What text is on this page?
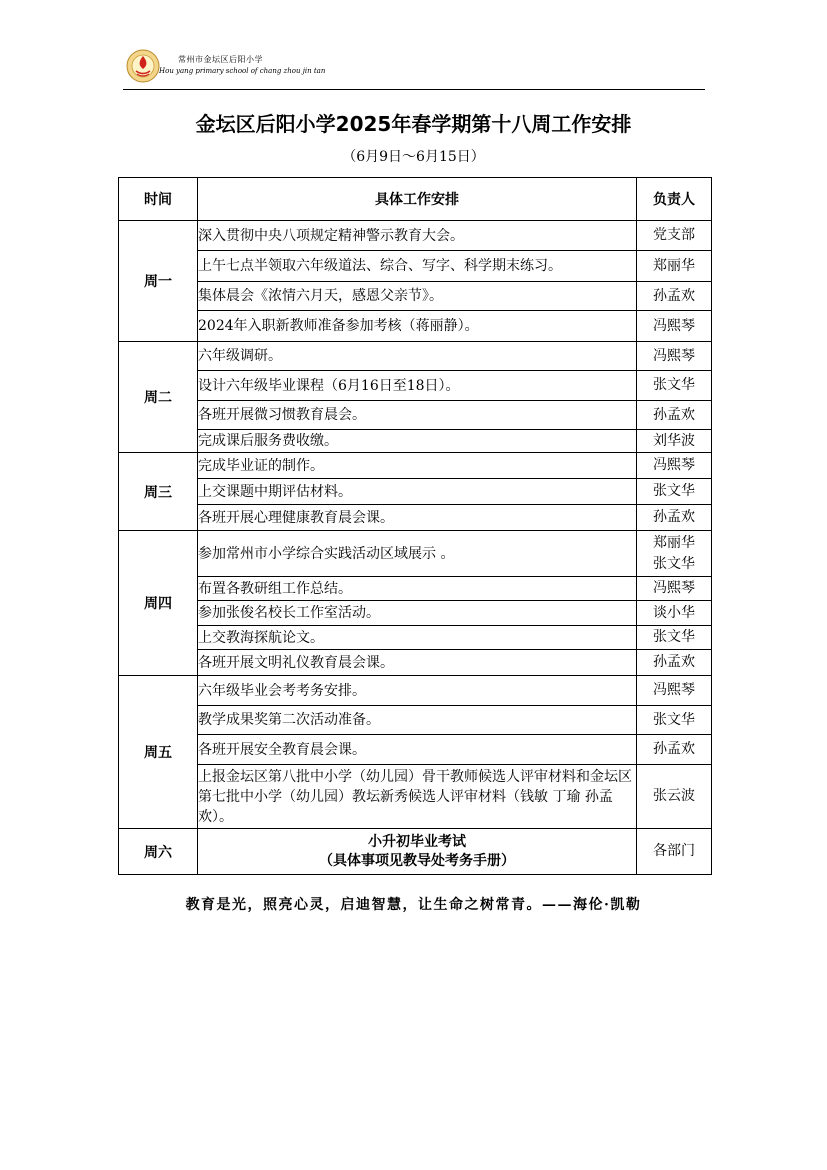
常州市金坛区后阳小学
Hou yang primary school of chang zhou jin tan
金坛区后阳小学2025年春学期第十八周工作安排
（6月9日～6月15日）
时间	具体工作安排	负责人
周一	深入贯彻中央八项规定精神警示教育大会。	党支部

	上午七点半领取六年级道法、综合、写字、科学期末练习。	郑丽华

	集体晨会《浓情六月天，感恩父亲节》。	孙孟欢

	2024年入职新教师准备参加考核（蒋丽静）。	冯熙琴

周二	六年级调研。	冯熙琴

	设计六年级毕业课程（6月16日至18日）。	张文华

	各班开展微习惯教育晨会。	孙孟欢

	完成课后服务费收缴。	刘华波

周三	完成毕业证的制作。	冯熙琴

	上交课题中期评估材料。	张文华

	各班开展心理健康教育晨会课。	孙孟欢

周四	参加常州市小学综合实践活动区域展示 。	郑丽华
张文华

	布置各教研组工作总结。	冯熙琴

	参加张俊名校长工作室活动。	谈小华

	上交教海探航论文。	张文华

	各班开展文明礼仪教育晨会课。	孙孟欢

周五	六年级毕业会考考务安排。	冯熙琴

	教学成果奖第二次活动准备。	张文华

	各班开展安全教育晨会课。	孙孟欢

	上报金坛区第八批中小学（幼儿园）骨干教师候选人评审材料和金坛区第七批中小学（幼儿园）教坛新秀候选人评审材料（钱敏 丁瑜 孙孟欢）。	张云波

周六	小升初毕业考试
（具体事项见教导处考务手册）	各部门
教育是光，照亮心灵，启迪智慧，让生命之树常青。——海伦·凯勒
